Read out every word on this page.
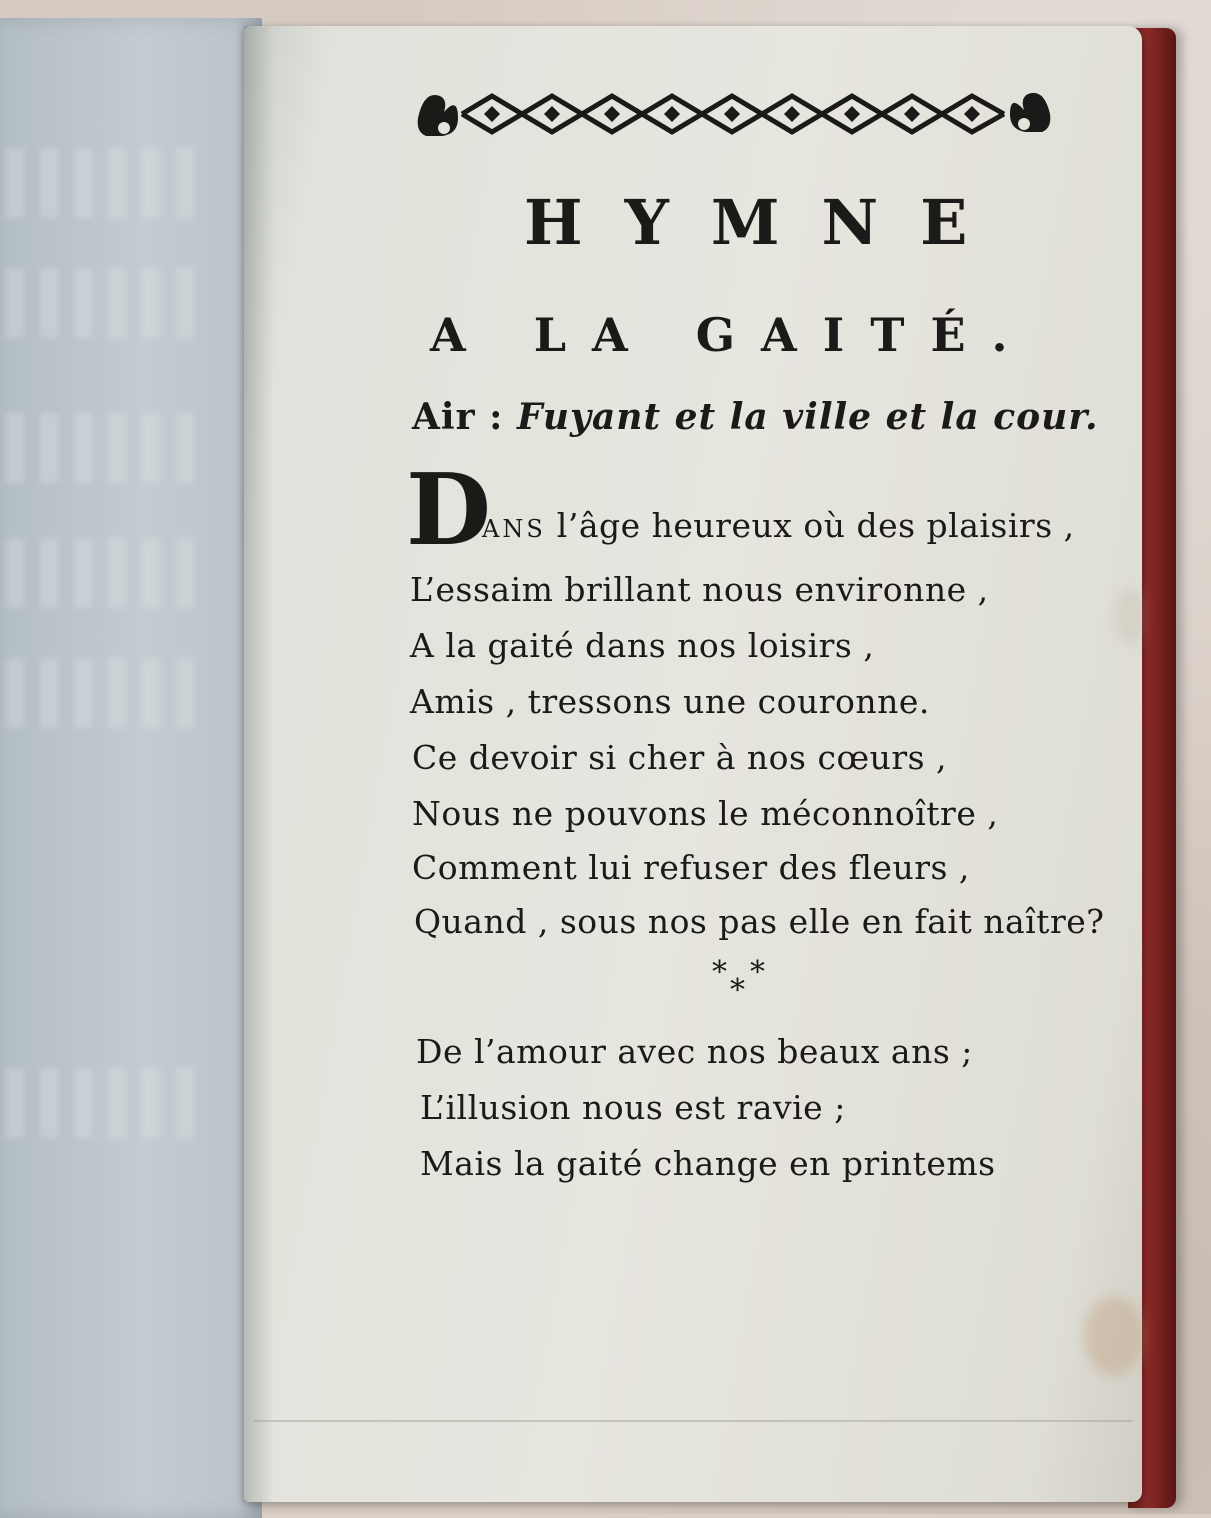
HYMNE
A LA GAITÉ.
Air : Fuyant et la ville et la cour.
D
ANS l’âge heureux où des plaisirs ,
L’essaim brillant nous environne ,
A la gaité dans nos loisirs ,
Amis , tressons une couronne.
Ce devoir si cher à nos cœurs ,
Nous ne pouvons le méconnoître ,
Comment lui refuser des fleurs ,
Quand , sous nos pas elle en fait naître?
* *
*
De l’amour avec nos beaux ans ;
L’illusion nous est ravie ;
Mais la gaité change en printems
